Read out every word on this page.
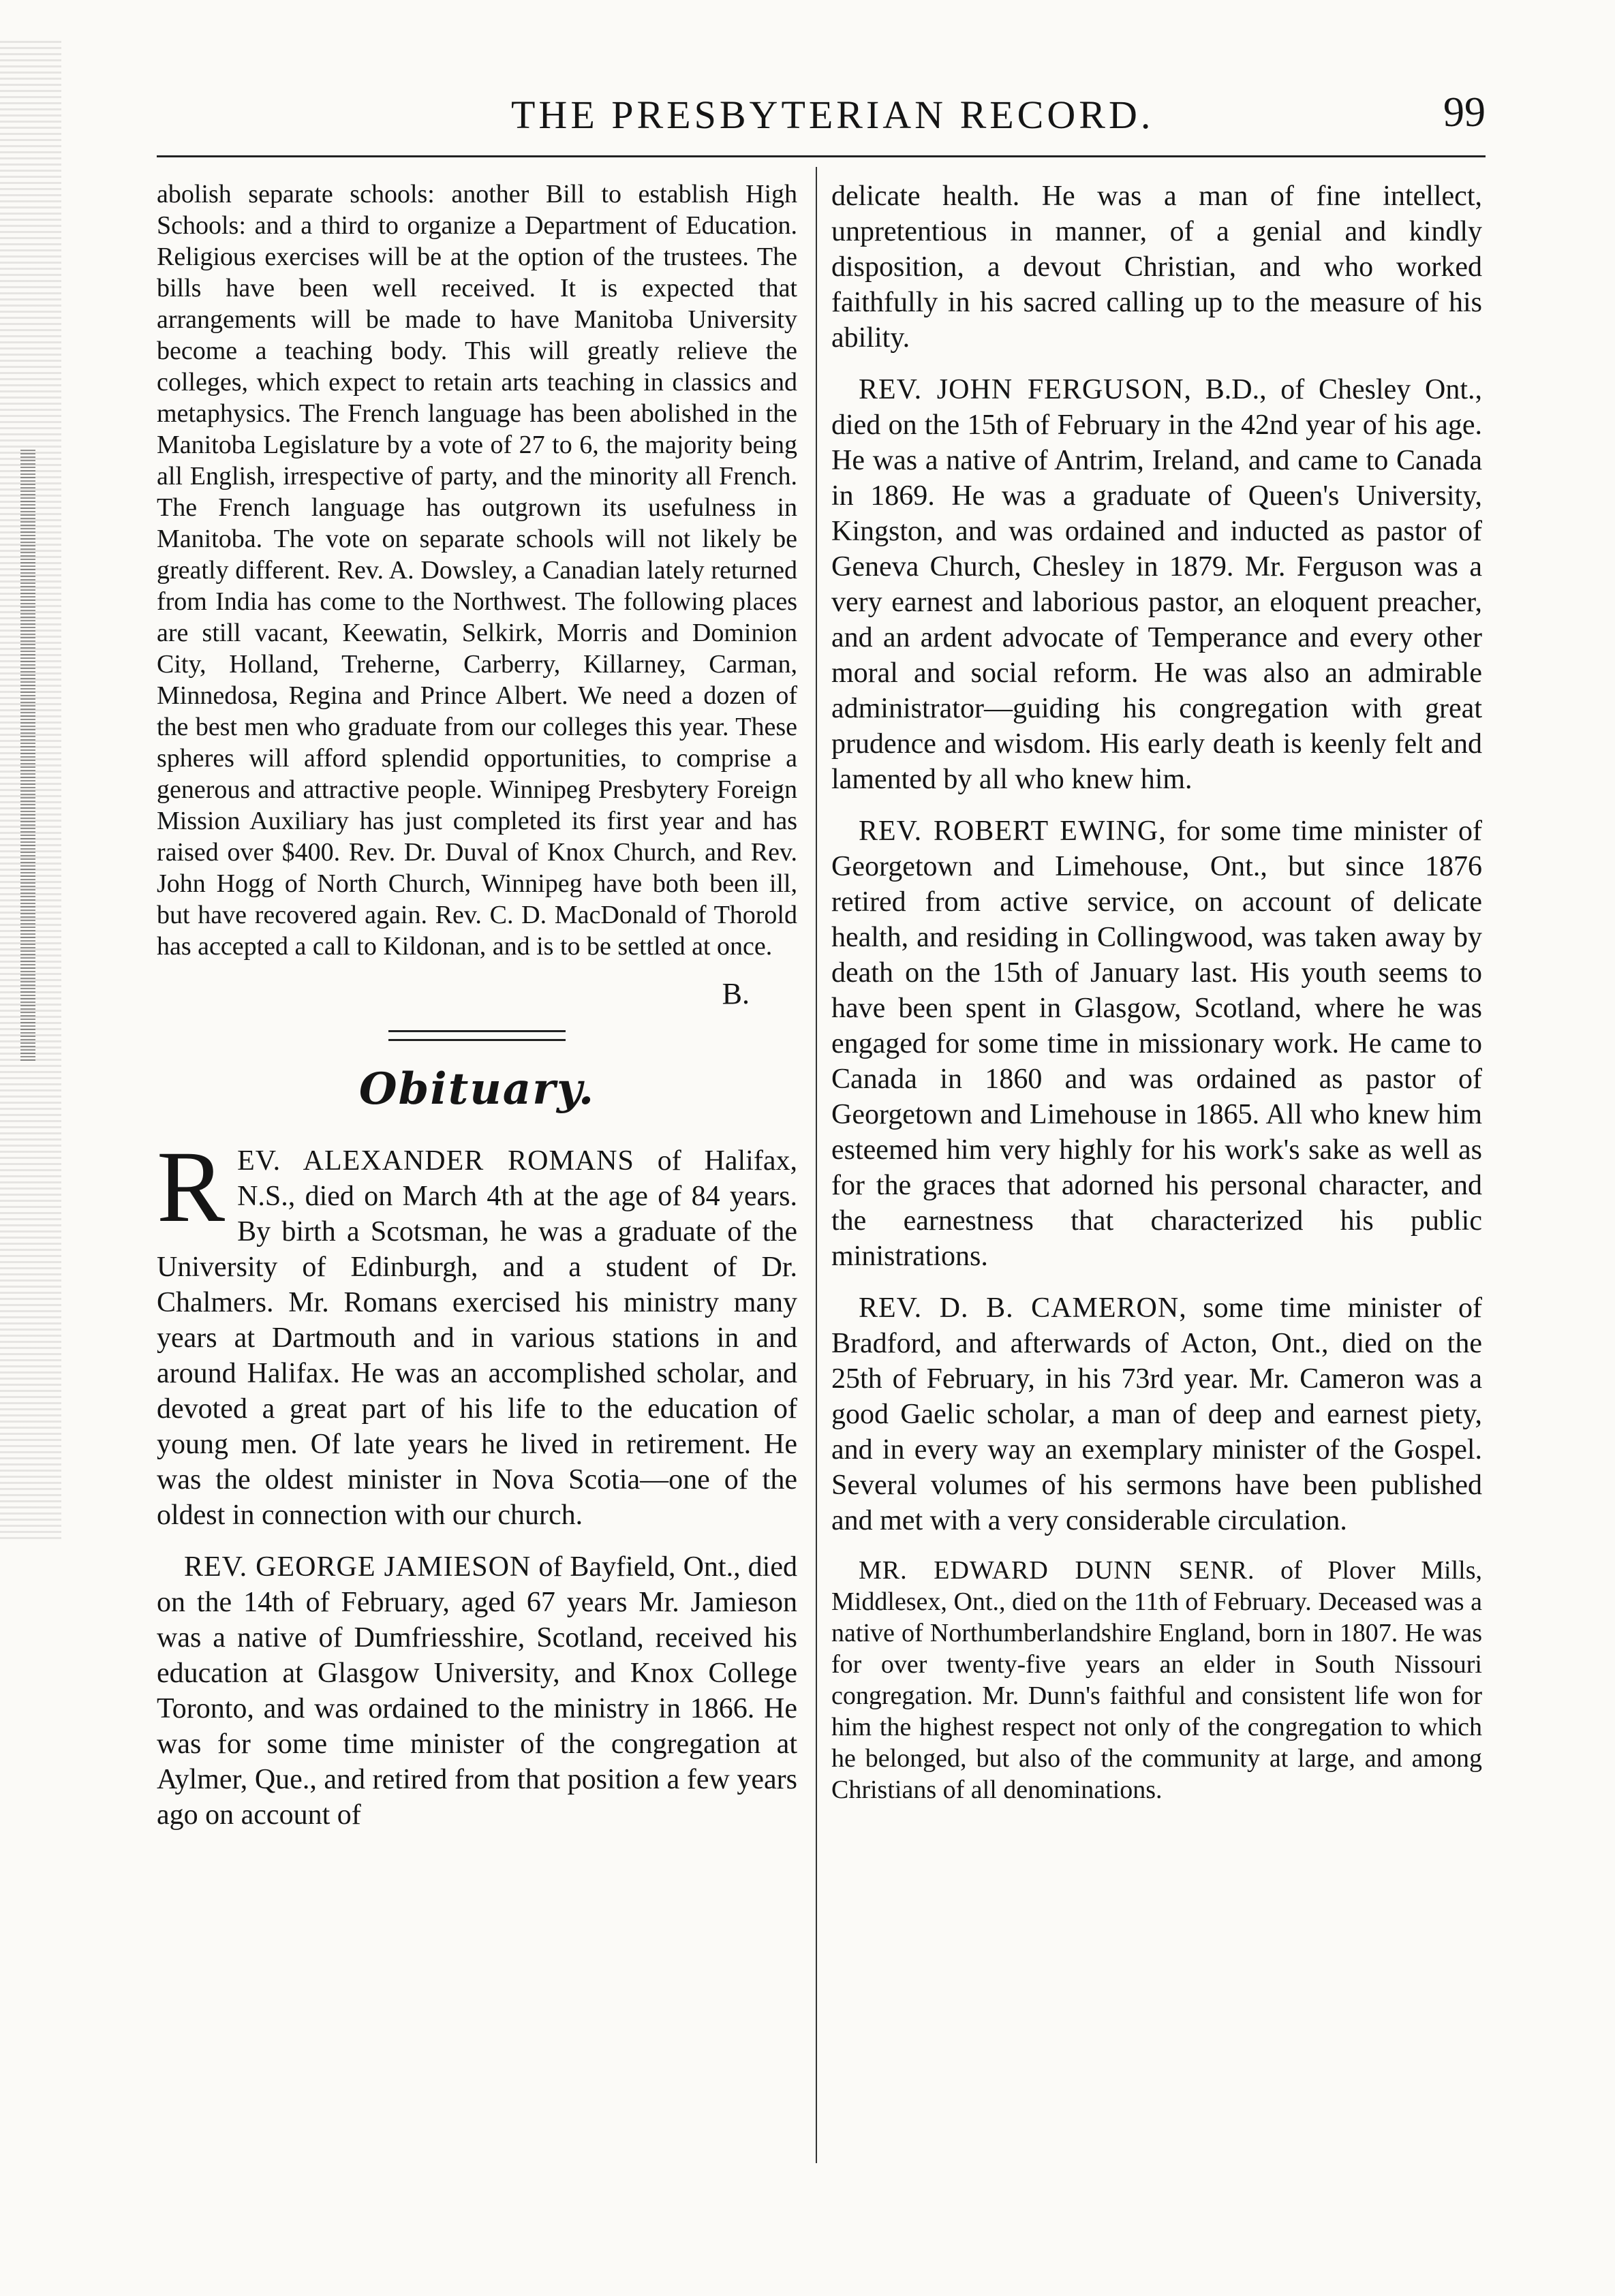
THE PRESBYTERIAN RECORD.	99

abolish separate schools: another Bill to establish High Schools: and a third to organize a Department of Education. Religious exercises will be at the option of the trustees. The bills have been well received. It is expected that arrangements will be made to have Manitoba University become a teaching body. This will greatly relieve the colleges, which expect to retain arts teaching in classics and metaphysics. The French language has been abolished in the Manitoba Legislature by a vote of 27 to 6, the majority being all English, irrespective of party, and the minority all French. The French language has outgrown its usefulness in Manitoba. The vote on separate schools will not likely be greatly different. Rev. A. Dowsley, a Canadian lately returned from India has come to the Northwest. The following places are still vacant, Keewatin, Selkirk, Morris and Dominion City, Holland, Treherne, Carberry, Killarney, Carman, Minnedosa, Regina and Prince Albert. We need a dozen of the best men who graduate from our colleges this year. These spheres will afford splendid opportunities, to comprise a generous and attractive people. Winnipeg Presbytery Foreign Mission Auxiliary has just completed its first year and has raised over $400. Rev. Dr. Duval of Knox Church, and Rev. John Hogg of North Church, Winnipeg have both been ill, but have recovered again. Rev. C. D. MacDonald of Thorold has accepted a call to Kildonan, and is to be settled at once.

B.
Obituary.

REV. ALEXANDER ROMANS of Halifax, N.S., died on March 4th at the age of 84 years. By birth a Scotsman, he was a graduate of the University of Edinburgh, and a student of Dr. Chalmers. Mr. Romans exercised his ministry many years at Dartmouth and in various stations in and around Halifax. He was an accomplished scholar, and devoted a great part of his life to the education of young men. Of late years he lived in retirement. He was the oldest minister in Nova Scotia—one of the oldest in connection with our church.

REV. GEORGE JAMIESON of Bayfield, Ont., died on the 14th of February, aged 67 years Mr. Jamieson was a native of Dumfriesshire, Scotland, received his education at Glasgow University, and Knox College Toronto, and was ordained to the ministry in 1866. He was for some time minister of the congregation at Aylmer, Que., and retired from that position a few years ago on account of

delicate health. He was a man of fine intellect, unpretentious in manner, of a genial and kindly disposition, a devout Christian, and who worked faithfully in his sacred calling up to the measure of his ability.

REV. JOHN FERGUSON, B.D., of Chesley Ont., died on the 15th of February in the 42nd year of his age. He was a native of Antrim, Ireland, and came to Canada in 1869. He was a graduate of Queen's University, Kingston, and was ordained and inducted as pastor of Geneva Church, Chesley in 1879. Mr. Ferguson was a very earnest and laborious pastor, an eloquent preacher, and an ardent advocate of Temperance and every other moral and social reform. He was also an admirable administrator—guiding his congregation with great prudence and wisdom. His early death is keenly felt and lamented by all who knew him.

REV. ROBERT EWING, for some time minister of Georgetown and Limehouse, Ont., but since 1876 retired from active service, on account of delicate health, and residing in Collingwood, was taken away by death on the 15th of January last. His youth seems to have been spent in Glasgow, Scotland, where he was engaged for some time in missionary work. He came to Canada in 1860 and was ordained as pastor of Georgetown and Limehouse in 1865. All who knew him esteemed him very highly for his work's sake as well as for the graces that adorned his personal character, and the earnestness that characterized his public ministrations.

REV. D. B. CAMERON, some time minister of Bradford, and afterwards of Acton, Ont., died on the 25th of February, in his 73rd year. Mr. Cameron was a good Gaelic scholar, a man of deep and earnest piety, and in every way an exemplary minister of the Gospel. Several volumes of his sermons have been published and met with a very considerable circulation.

MR. EDWARD DUNN SENR. of Plover Mills, Middlesex, Ont., died on the 11th of February. Deceased was a native of Northumberlandshire England, born in 1807. He was for over twenty-five years an elder in South Nissouri congregation. Mr. Dunn's faithful and consistent life won for him the highest respect not only of the congregation to which he belonged, but also of the community at large, and among Christians of all denominations.
